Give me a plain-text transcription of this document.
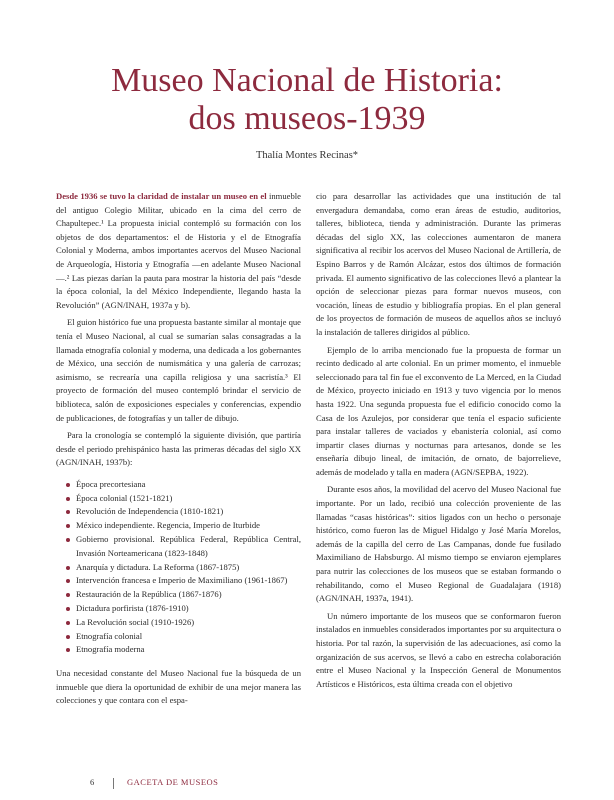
Museo Nacional de Historia:
dos museos-1939
Thalía Montes Recinas*

Desde 1936 se tuvo la claridad de instalar un museo en el inmueble del antiguo Colegio Militar, ubicado en la cima del cerro de Chapultepec.¹ La propuesta inicial contempló su formación con los objetos de dos departamentos: el de Historia y el de Etnografía Colonial y Moderna, ambos importantes acervos del Museo Nacional de Arqueología, Historia y Etnografía —en adelante Museo Nacional—.² Las piezas darían la pauta para mostrar la historia del país “desde la época colonial, la del México Independiente, llegando hasta la Revolución” (AGN/INAH, 1937a y b).

El guion histórico fue una propuesta bastante similar al montaje que tenía el Museo Nacional, al cual se sumarían salas consagradas a la llamada etnografía colonial y moderna, una dedicada a los gobernantes de México, una sección de numismática y una galería de carrozas; asimismo, se recrearía una capilla religiosa y una sacristía.³ El proyecto de formación del museo contempló brindar el servicio de biblioteca, salón de exposiciones especiales y conferencias, expendio de publicaciones, de fotografías y un taller de dibujo.

Para la cronología se contempló la siguiente división, que partiría desde el periodo prehispánico hasta las primeras décadas del siglo XX (AGN/INAH, 1937b):

Época precortesiana
Época colonial (1521-1821)
Revolución de Independencia (1810-1821)
México independiente. Regencia, Imperio de Iturbide
Gobierno provisional. República Federal, República Central, Invasión Norteamericana (1823-1848)
Anarquía y dictadura. La Reforma (1867-1875)
Intervención francesa e Imperio de Maximiliano (1961-1867)
Restauración de la República (1867-1876)
Dictadura porfirista (1876-1910)
La Revolución social (1910-1926)
Etnografía colonial
Etnografía moderna

Una necesidad constante del Museo Nacional fue la búsqueda de un inmueble que diera la oportunidad de exhibir de una mejor manera las colecciones y que contara con el espa-

cio para desarrollar las actividades que una institución de tal envergadura demandaba, como eran áreas de estudio, auditorios, talleres, biblioteca, tienda y administración. Durante las primeras décadas del siglo XX, las colecciones aumentaron de manera significativa al recibir los acervos del Museo Nacional de Artillería, de Espino Barros y de Ramón Alcázar, estos dos últimos de formación privada. El aumento significativo de las colecciones llevó a plantear la opción de seleccionar piezas para formar nuevos museos, con vocación, líneas de estudio y bibliografía propias. En el plan general de los proyectos de formación de museos de aquellos años se incluyó la instalación de talleres dirigidos al público.

Ejemplo de lo arriba mencionado fue la propuesta de formar un recinto dedicado al arte colonial. En un primer momento, el inmueble seleccionado para tal fin fue el exconvento de La Merced, en la Ciudad de México, proyecto iniciado en 1913 y tuvo vigencia por lo menos hasta 1922. Una segunda propuesta fue el edificio conocido como la Casa de los Azulejos, por considerar que tenía el espacio suficiente para instalar talleres de vaciados y ebanistería colonial, así como impartir clases diurnas y nocturnas para artesanos, donde se les enseñaría dibujo lineal, de imitación, de ornato, de bajorrelieve, además de modelado y talla en madera (AGN/SEPBA, 1922).

Durante esos años, la movilidad del acervo del Museo Nacional fue importante. Por un lado, recibió una colección proveniente de las llamadas “casas históricas”: sitios ligados con un hecho o personaje histórico, como fueron las de Miguel Hidalgo y José María Morelos, además de la capilla del cerro de Las Campanas, donde fue fusilado Maximiliano de Habsburgo. Al mismo tiempo se enviaron ejemplares para nutrir las colecciones de los museos que se estaban formando o rehabilitando, como el Museo Regional de Guadalajara (1918) (AGN/INAH, 1937a, 1941).

Un número importante de los museos que se conformaron fueron instalados en inmuebles considerados importantes por su arquitectura o historia. Por tal razón, la supervisión de las adecuaciones, así como la organización de sus acervos, se llevó a cabo en estrecha colaboración entre el Museo Nacional y la Inspección General de Monumentos Artísticos e Históricos, esta última creada con el objetivo

6	GACETA DE MUSEOS
